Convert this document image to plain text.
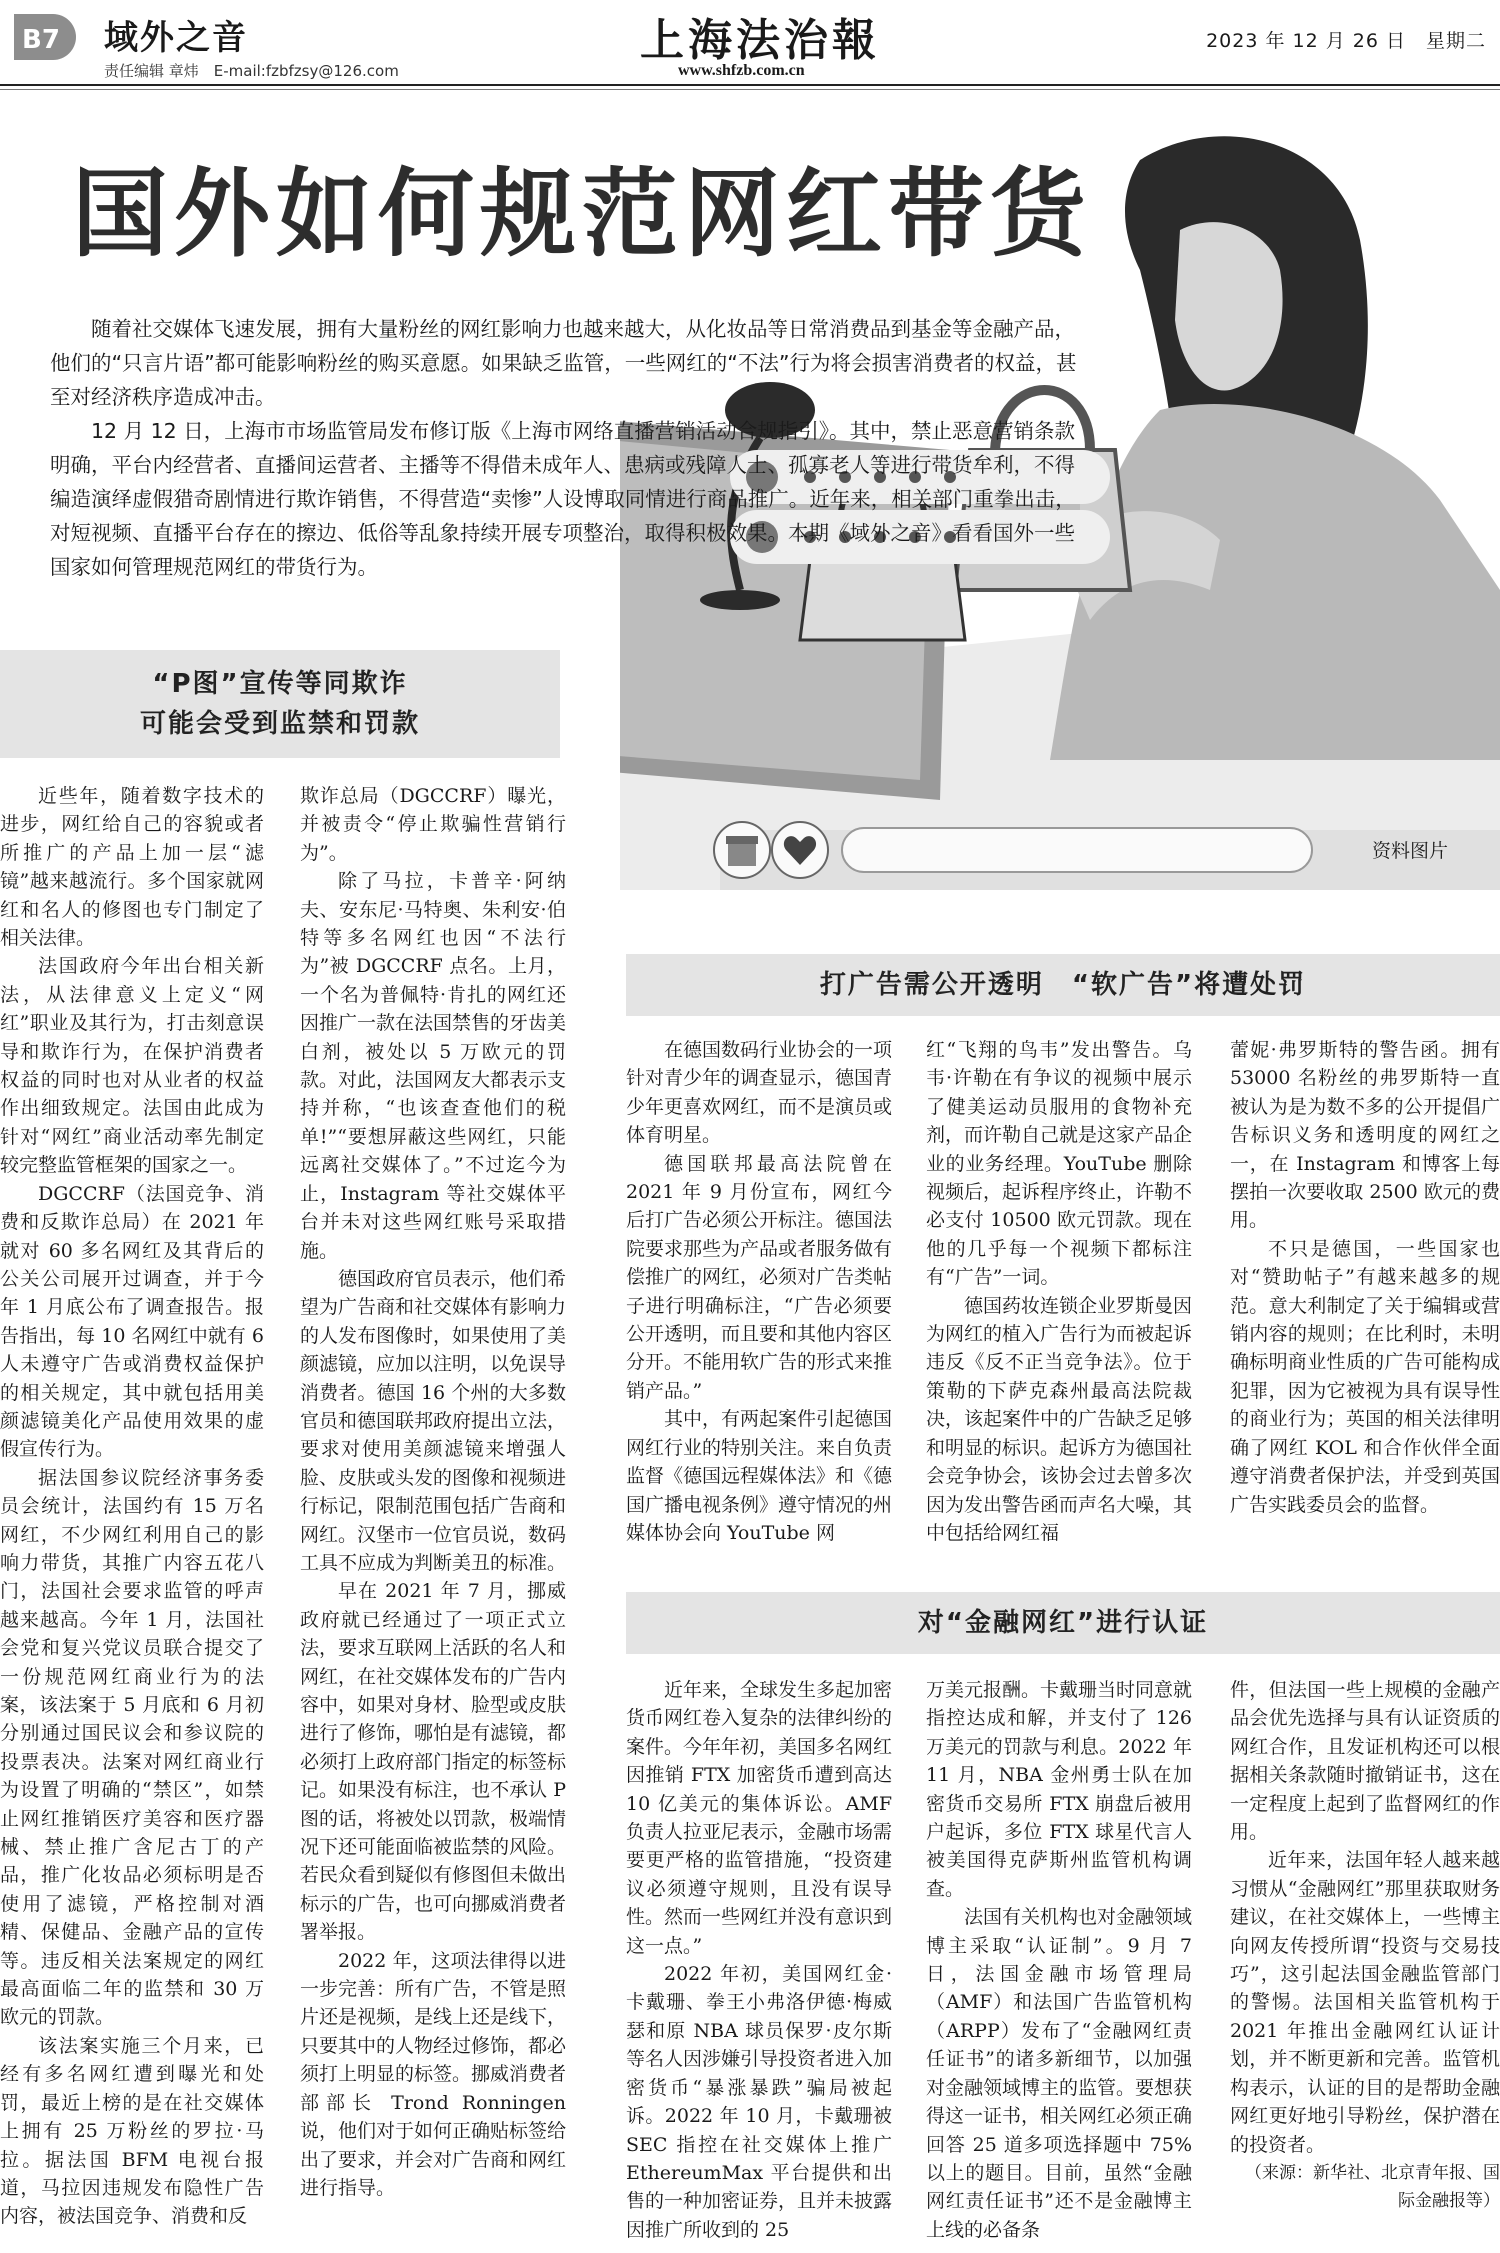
B7	域外之音
责任编辑 章炜　E-mail:fzbfzsy@126.com
上海法治報
www.shfzb.com.cn
2023 年 12 月 26 日　星期二
资料图片
国外如何规范网红带货

随着社交媒体飞速发展，拥有大量粉丝的网红影响力也越来越大，从化妆品等日常消费品到基金等金融产品，他们的“只言片语”都可能影响粉丝的购买意愿。如果缺乏监管，一些网红的“不法”行为将会损害消费者的权益，甚至对经济秩序造成冲击。

12 月 12 日，上海市市场监管局发布修订版《上海市网络直播营销活动合规指引》。其中，禁止恶意营销条款明确，平台内经营者、直播间运营者、主播等不得借未成年人、患病或残障人士、孤寡老人等进行带货牟利，不得编造演绎虚假猎奇剧情进行欺诈销售，不得营造“卖惨”人设博取同情进行商品推广。近年来，相关部门重拳出击，对短视频、直播平台存在的擦边、低俗等乱象持续开展专项整治，取得积极效果。本期《域外之音》看看国外一些国家如何管理规范网红的带货行为。

“P图”宣传等同欺诈
可能会受到监禁和罚款
打广告需公开透明　“软广告”将遭处罚
对“金融网红”进行认证

近些年，随着数字技术的进步，网红给自己的容貌或者所推广的产品上加一层“滤镜”越来越流行。多个国家就网红和名人的修图也专门制定了相关法律。

法国政府今年出台相关新法，从法律意义上定义“网红”职业及其行为，打击刻意误导和欺诈行为，在保护消费者权益的同时也对从业者的权益作出细致规定。法国由此成为针对“网红”商业活动率先制定较完整监管框架的国家之一。

DGCCRF（法国竞争、消费和反欺诈总局）在 2021 年就对 60 多名网红及其背后的公关公司展开过调查，并于今年 1 月底公布了调查报告。报告指出，每 10 名网红中就有 6 人未遵守广告或消费权益保护的相关规定，其中就包括用美颜滤镜美化产品使用效果的虚假宣传行为。

据法国参议院经济事务委员会统计，法国约有 15 万名网红，不少网红利用自己的影响力带货，其推广内容五花八门，法国社会要求监管的呼声越来越高。今年 1 月，法国社会党和复兴党议员联合提交了一份规范网红商业行为的法案，该法案于 5 月底和 6 月初分别通过国民议会和参议院的投票表决。法案对网红商业行为设置了明确的“禁区”，如禁止网红推销医疗美容和医疗器械、禁止推广含尼古丁的产品，推广化妆品必须标明是否使用了滤镜，严格控制对酒精、保健品、金融产品的宣传等。违反相关法案规定的网红最高面临二年的监禁和 30 万欧元的罚款。

该法案实施三个月来，已经有多名网红遭到曝光和处罚，最近上榜的是在社交媒体上拥有 25 万粉丝的罗拉·马拉。据法国 BFM 电视台报道，马拉因违规发布隐性广告内容，被法国竞争、消费和反

欺诈总局（DGCCRF）曝光，并被责令“停止欺骗性营销行为”。

除了马拉，卡普辛·阿纳夫、安东尼·马特奥、朱利安·伯特等多名网红也因“不法行为”被 DGCCRF 点名。上月，一个名为普佩特·肯扎的网红还因推广一款在法国禁售的牙齿美白剂，被处以 5 万欧元的罚款。对此，法国网友大都表示支持并称，“也该查查他们的税单!”“要想屏蔽这些网红，只能远离社交媒体了。”不过迄今为止，Instagram 等社交媒体平台并未对这些网红账号采取措施。

德国政府官员表示，他们希望为广告商和社交媒体有影响力的人发布图像时，如果使用了美颜滤镜，应加以注明，以免误导消费者。德国 16 个州的大多数官员和德国联邦政府提出立法，要求对使用美颜滤镜来增强人脸、皮肤或头发的图像和视频进行标记，限制范围包括广告商和网红。汉堡市一位官员说，数码工具不应成为判断美丑的标准。

早在 2021 年 7 月，挪威政府就已经通过了一项正式立法，要求互联网上活跃的名人和网红，在社交媒体发布的广告内容中，如果对身材、脸型或皮肤进行了修饰，哪怕是有滤镜，都必须打上政府部门指定的标签标记。如果没有标注，也不承认 P 图的话，将被处以罚款，极端情况下还可能面临被监禁的风险。若民众看到疑似有修图但未做出标示的广告，也可向挪威消费者署举报。

2022 年，这项法律得以进一步完善：所有广告，不管是照片还是视频，是线上还是线下，只要其中的人物经过修饰，都必须打上明显的标签。挪威消费者部部长 Trond Ronningen 说，他们对于如何正确贴标签给出了要求，并会对广告商和网红进行指导。

在德国数码行业协会的一项针对青少年的调查显示，德国青少年更喜欢网红，而不是演员或体育明星。

德国联邦最高法院曾在 2021 年 9 月份宣布，网红今后打广告必须公开标注。德国法院要求那些为产品或者服务做有偿推广的网红，必须对广告类帖子进行明确标注，“广告必须要公开透明，而且要和其他内容区分开。不能用软广告的形式来推销产品。”

其中，有两起案件引起德国网红行业的特别关注。来自负责监督《德国远程媒体法》和《德国广播电视条例》遵守情况的州媒体协会向 YouTube 网

红“飞翔的鸟韦”发出警告。乌韦·许勒在有争议的视频中展示了健美运动员服用的食物补充剂，而许勒自己就是这家产品企业的业务经理。YouTube 删除视频后，起诉程序终止，许勒不必支付 10500 欧元罚款。现在他的几乎每一个视频下都标注有“广告”一词。

德国药妆连锁企业罗斯曼因为网红的植入广告行为而被起诉违反《反不正当竞争法》。位于策勒的下萨克森州最高法院裁决，该起案件中的广告缺乏足够和明显的标识。起诉方为德国社会竞争协会，该协会过去曾多次因为发出警告函而声名大噪，其中包括给网红福

蕾妮·弗罗斯特的警告函。拥有 53000 名粉丝的弗罗斯特一直被认为是为数不多的公开提倡广告标识义务和透明度的网红之一，在 Instagram 和博客上每摆拍一次要收取 2500 欧元的费用。

不只是德国，一些国家也对“赞助帖子”有越来越多的规范。意大利制定了关于编辑或营销内容的规则；在比利时，未明确标明商业性质的广告可能构成犯罪，因为它被视为具有误导性的商业行为；英国的相关法律明确了网红 KOL 和合作伙伴全面遵守消费者保护法，并受到英国广告实践委员会的监督。

近年来，全球发生多起加密货币网红卷入复杂的法律纠纷的案件。今年年初，美国多名网红因推销 FTX 加密货币遭到高达 10 亿美元的集体诉讼。AMF 负责人拉亚尼表示，金融市场需要更严格的监管措施，“投资建议必须遵守规则，且没有误导性。然而一些网红并没有意识到这一点。”

2022 年初，美国网红金·卡戴珊、拳王小弗洛伊德·梅威瑟和原 NBA 球员保罗·皮尔斯等名人因涉嫌引导投资者进入加密货币“暴涨暴跌”骗局被起诉。2022 年 10 月，卡戴珊被 SEC 指控在社交媒体上推广 EthereumMax 平台提供和出售的一种加密证券，且并未披露因推广所收到的 25

万美元报酬。卡戴珊当时同意就指控达成和解，并支付了 126 万美元的罚款与利息。2022 年 11 月，NBA 金州勇士队在加密货币交易所 FTX 崩盘后被用户起诉，多位 FTX 球星代言人被美国得克萨斯州监管机构调查。

法国有关机构也对金融领域博主采取“认证制”。9 月 7 日，法国金融市场管理局（AMF）和法国广告监管机构（ARPP）发布了“金融网红责任证书”的诸多新细节，以加强对金融领域博主的监管。要想获得这一证书，相关网红必须正确回答 25 道多项选择题中 75%以上的题目。目前，虽然“金融网红责任证书”还不是金融博主上线的必备条

件，但法国一些上规模的金融产品会优先选择与具有认证资质的网红合作，且发证机构还可以根据相关条款随时撤销证书，这在一定程度上起到了监督网红的作用。

近年来，法国年轻人越来越习惯从“金融网红”那里获取财务建议，在社交媒体上，一些博主向网友传授所谓“投资与交易技巧”，这引起法国金融监管部门的警惕。法国相关监管机构于 2021 年推出金融网红认证计划，并不断更新和完善。监管机构表示，认证的目的是帮助金融网红更好地引导粉丝，保护潜在的投资者。

（来源：新华社、北京青年报、国际金融报等）
